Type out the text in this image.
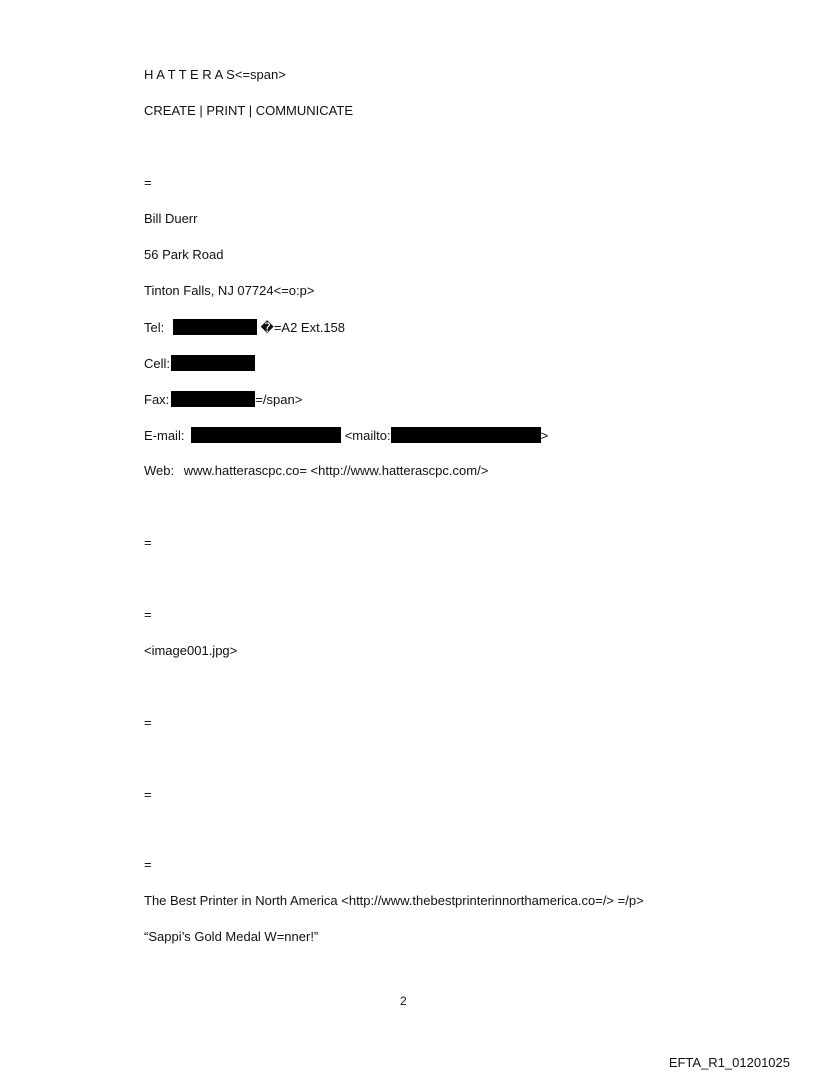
H A T T E R A S<=span>
CREATE | PRINT | COMMUNICATE
=
Bill Duerr
56 Park Road
Tinton Falls, NJ 07724<=o:p>
Tel:	�=A2 Ext.158
Cell:
Fax:	=/span>
E-mail:	<mailto:	>
Web: www.hatterascpc.co= <http://www.hatterascpc.com/>
=
=
<image001.jpg>
=
=
=
The Best Printer in North America <http://www.thebestprinterinnorthamerica.co=/> =/p>
“Sappi’s Gold Medal W=nner!”
2
EFTA_R1_01201025
